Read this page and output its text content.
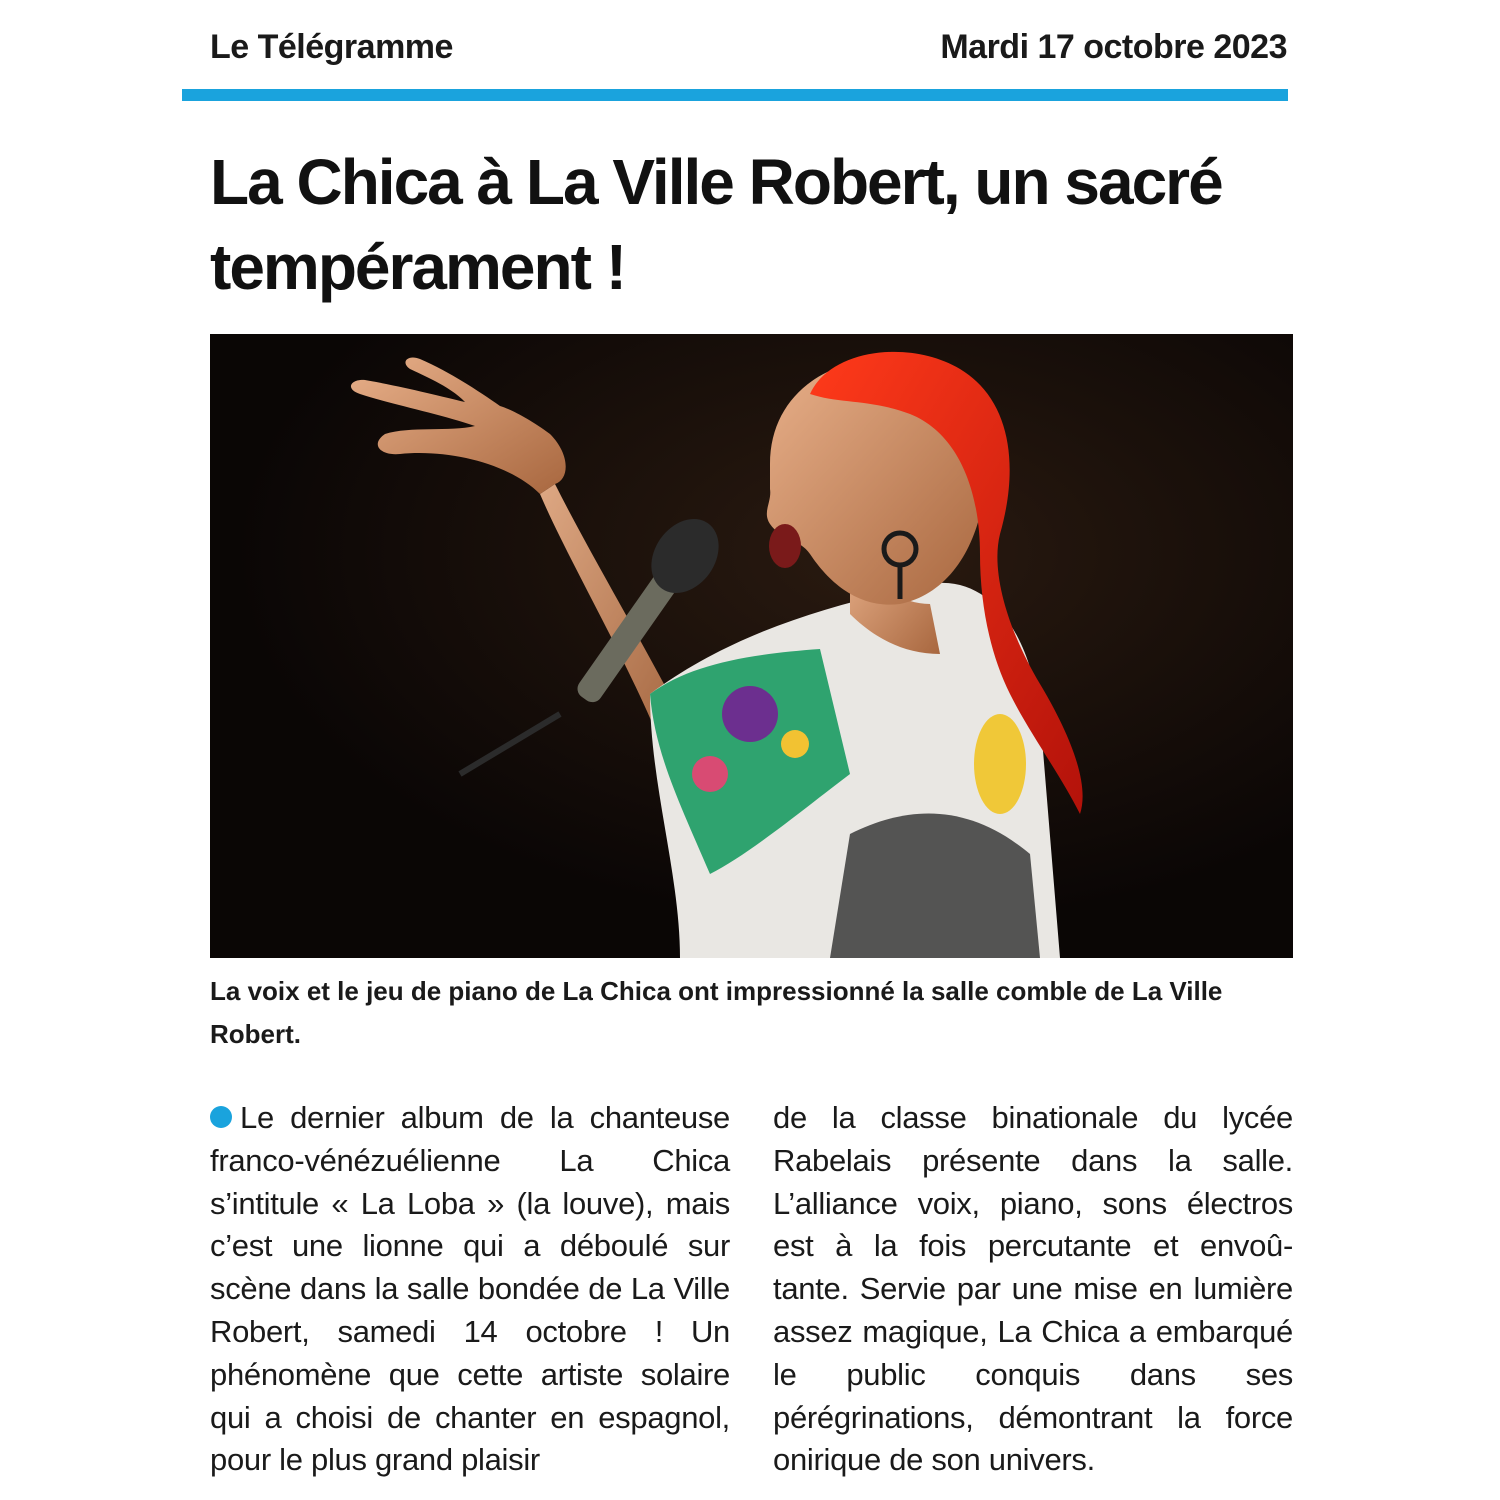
Le Télégramme	Mardi 17 octobre 2023
La Chica à La Ville Robert, un sacré tempérament !

La voix et le jeu de piano de La Chica ont impressionné la salle comble de La Ville Robert.

Le dernier album de la chanteuse franco-vénézuélienne La Chica s’intitule « La Loba » (la louve), mais c’est une lionne qui a déboulé sur scène dans la salle bondée de La Ville Robert, samedi 14 octobre ! Un phénomène que cette artiste solaire qui a choisi de chanter en espagnol, pour le plus grand plaisir

de la classe binationale du lycée Rabelais présente dans la salle. L’alliance voix, piano, sons électros est à la fois percutante et envoû- tante. Servie par une mise en lumière assez magique, La Chica a embarqué le public conquis dans ses pérégrinations, démontrant la force onirique de son univers.
